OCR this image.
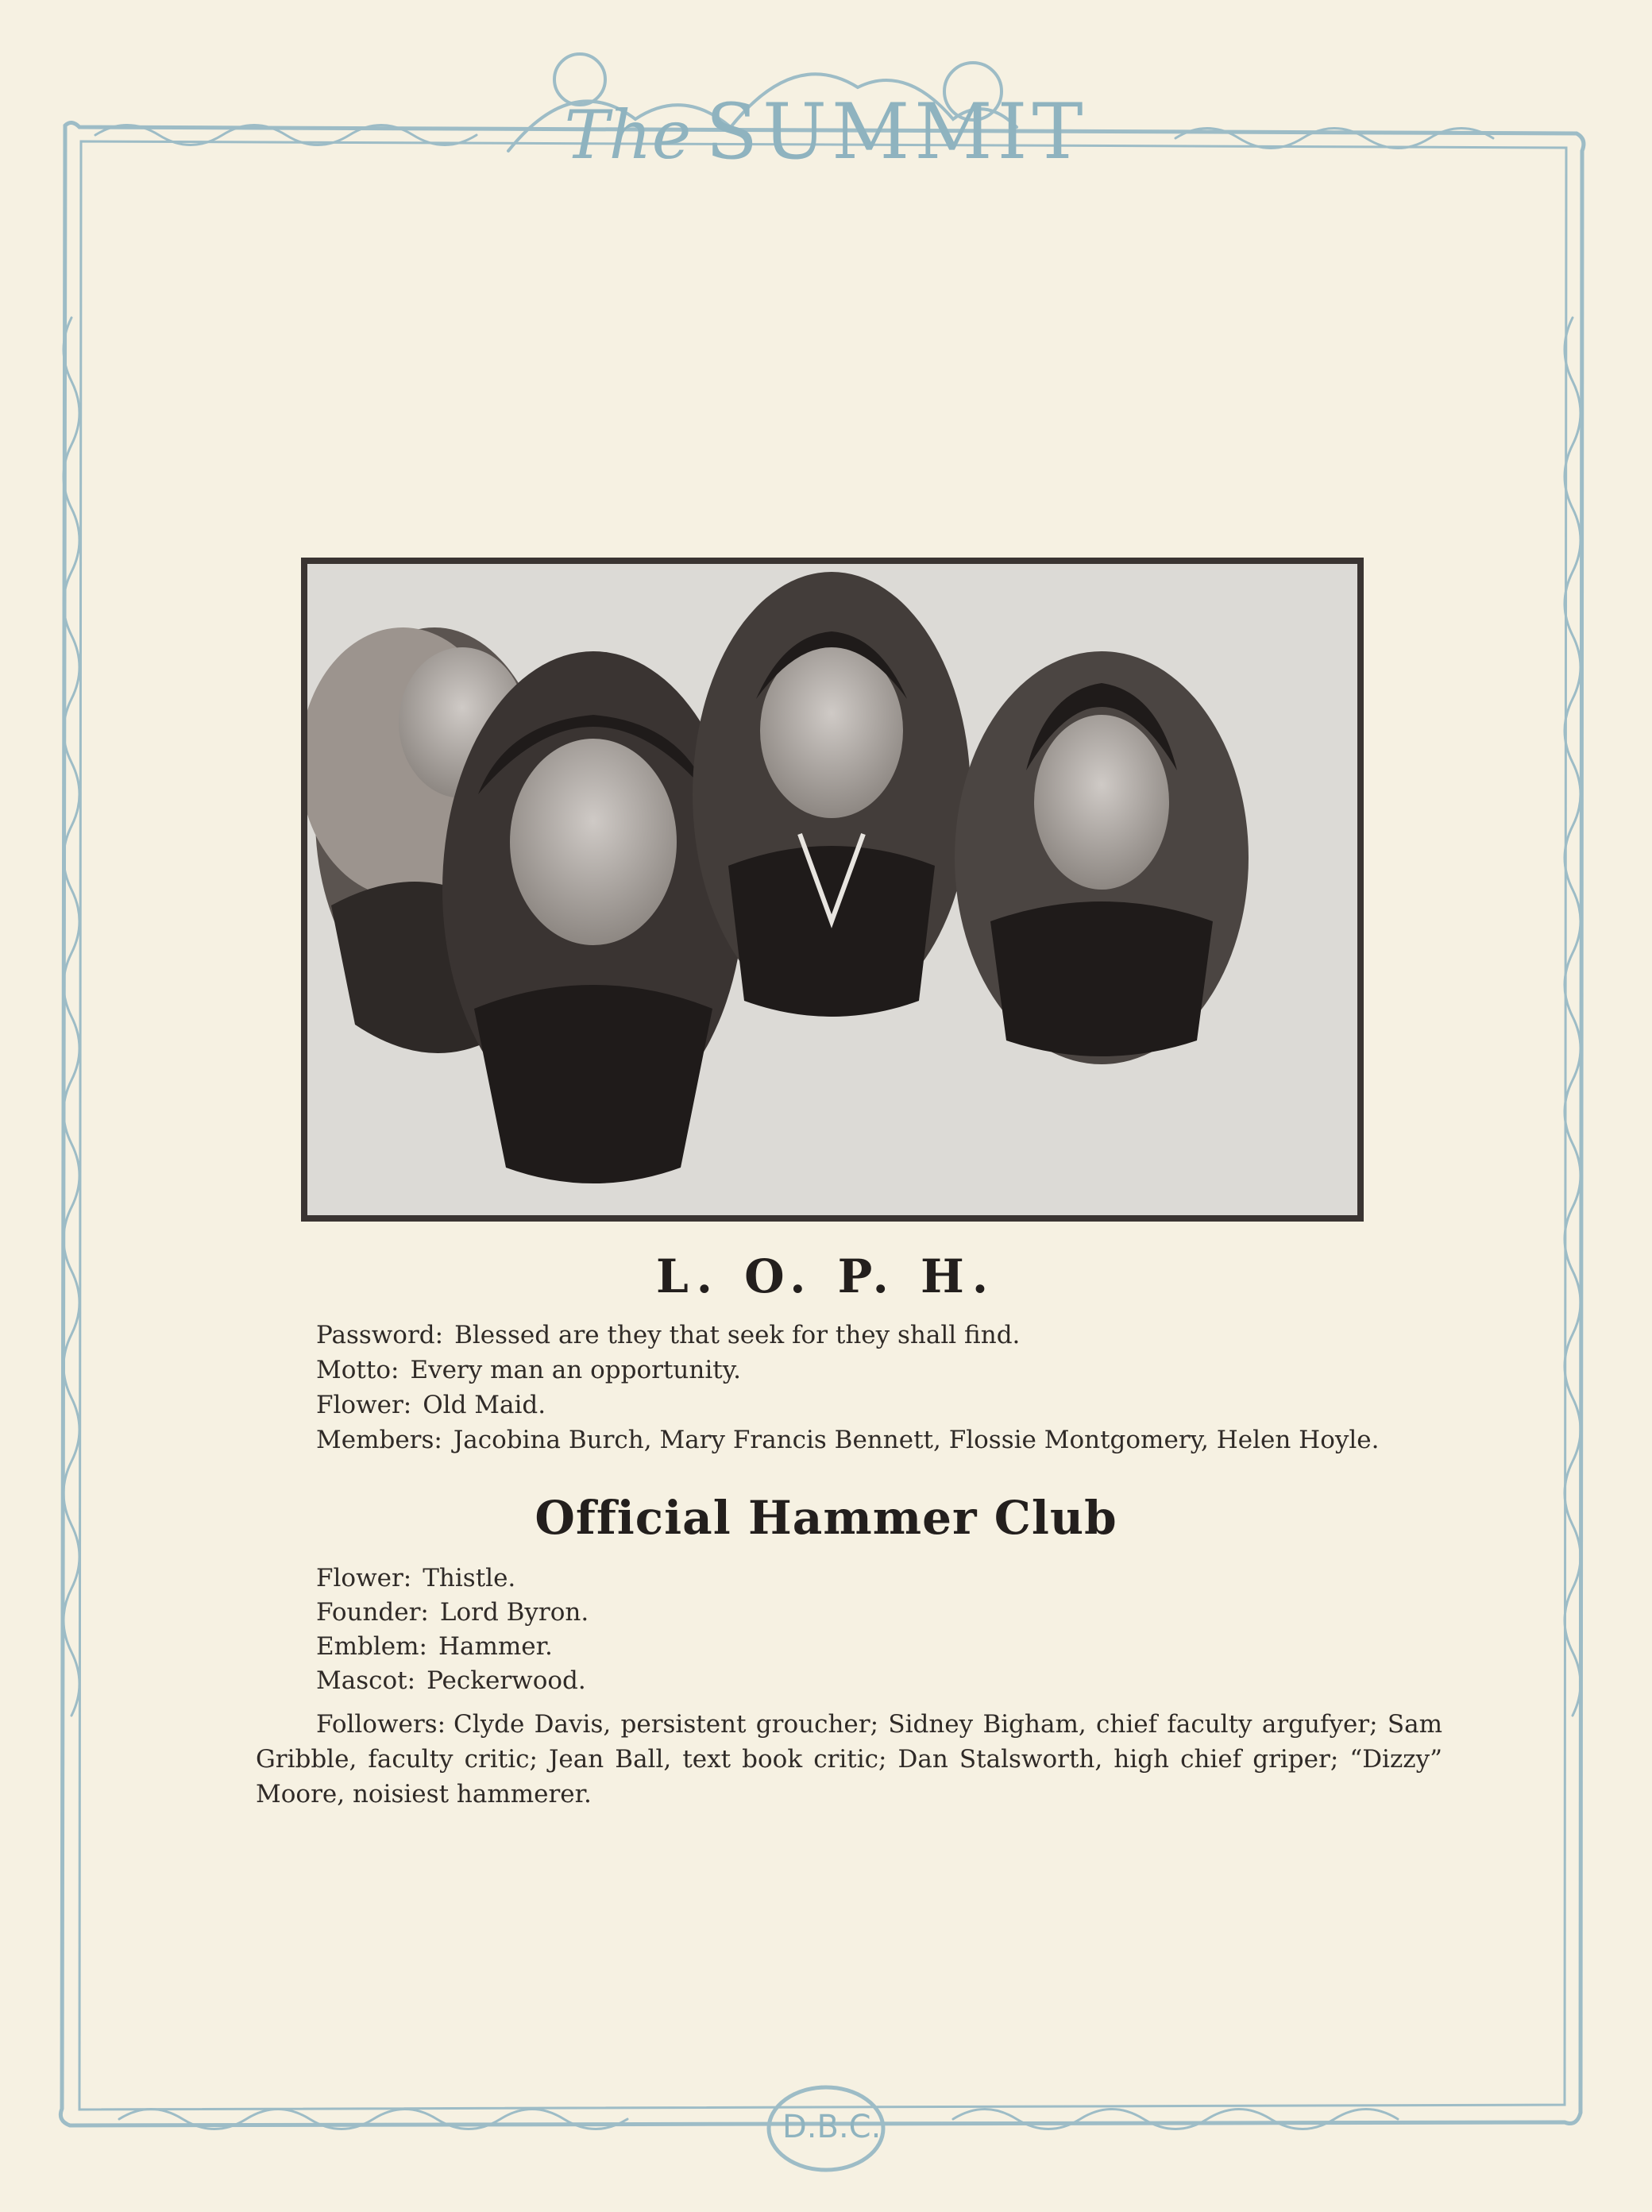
The SUMMIT
L. O. P. H.
Password: Blessed are they that seek for they shall find.
Motto: Every man an opportunity.
Flower: Old Maid.
Members: Jacobina Burch, Mary Francis Bennett, Flossie Montgomery, Helen Hoyle.
Official Hammer Club
Flower: Thistle.
Founder: Lord Byron.
Emblem: Hammer.
Mascot: Peckerwood.
Followers: Clyde Davis, persistent groucher; Sidney Bigham, chief faculty argufyer; Sam Gribble, faculty critic; Jean Ball, text book critic; Dan Stalsworth, high chief griper; “Dizzy” Moore, noisiest hammerer.
D.B.C.
